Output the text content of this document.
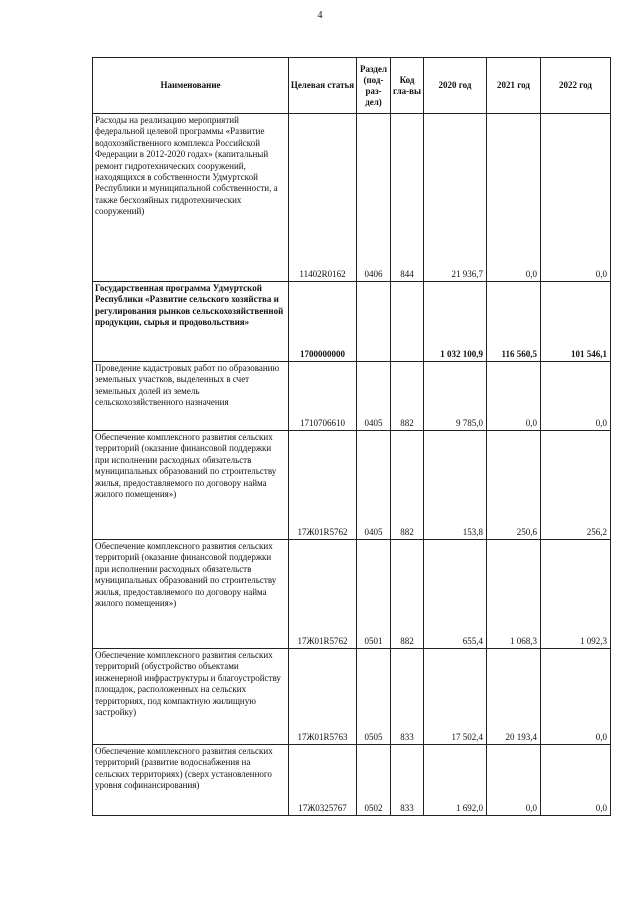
4
Наименование	Целевая статья	Раздел (под-раз-дел)	Код гла-вы	2020 год	2021 год	2022 год
Расходы на реализацию мероприятий федеральной целевой программы «Развитие водохозяйственного комплекса Российской Федерации в 2012-2020 годах» (капитальный ремонт гидротехнических сооружений, находящихся в собственности Удмуртской Республики и муниципальной собственности, а также бесхозяйных гидротехнических сооружений)	11402R0162	0406	844	21 936,7	0,0	0,0
Государственная программа Удмуртской Республики «Развитие сельского хозяйства и регулирования рынков сельскохозяйственной продукции, сырья и продовольствия»	1700000000			1 032 100,9	116 560,5	101 546,1
Проведение кадастровых работ по образованию земельных участков, выделенных в счет земельных долей из земель сельскохозяйственного назначения	1710706610	0405	882	9 785,0	0,0	0,0
Обеспечение комплексного развития сельских территорий (оказание финансовой поддержки при исполнении расходных обязательств муниципальных образований по строительству жилья, предоставляемого по договору найма жилого помещения»)	17Ж01R5762	0405	882	153,8	250,6	256,2
Обеспечение комплексного развития сельских территорий (оказание финансовой поддержки при исполнении расходных обязательств муниципальных образований по строительству жилья, предоставляемого по договору найма жилого помещения»)	17Ж01R5762	0501	882	655,4	1 068,3	1 092,3
Обеспечение комплексного развития сельских территорий (обустройство объектами инженерной инфраструктуры и благоустройству площадок, расположенных на сельских территориях, под компактную жилищную застройку)	17Ж01R5763	0505	833	17 502,4	20 193,4	0,0
Обеспечение комплексного развития сельских территорий (развитие водоснабжения на сельских территориях) (сверх установленного уровня софинансирования)	17Ж0325767	0502	833	1 692,0	0,0	0,0
